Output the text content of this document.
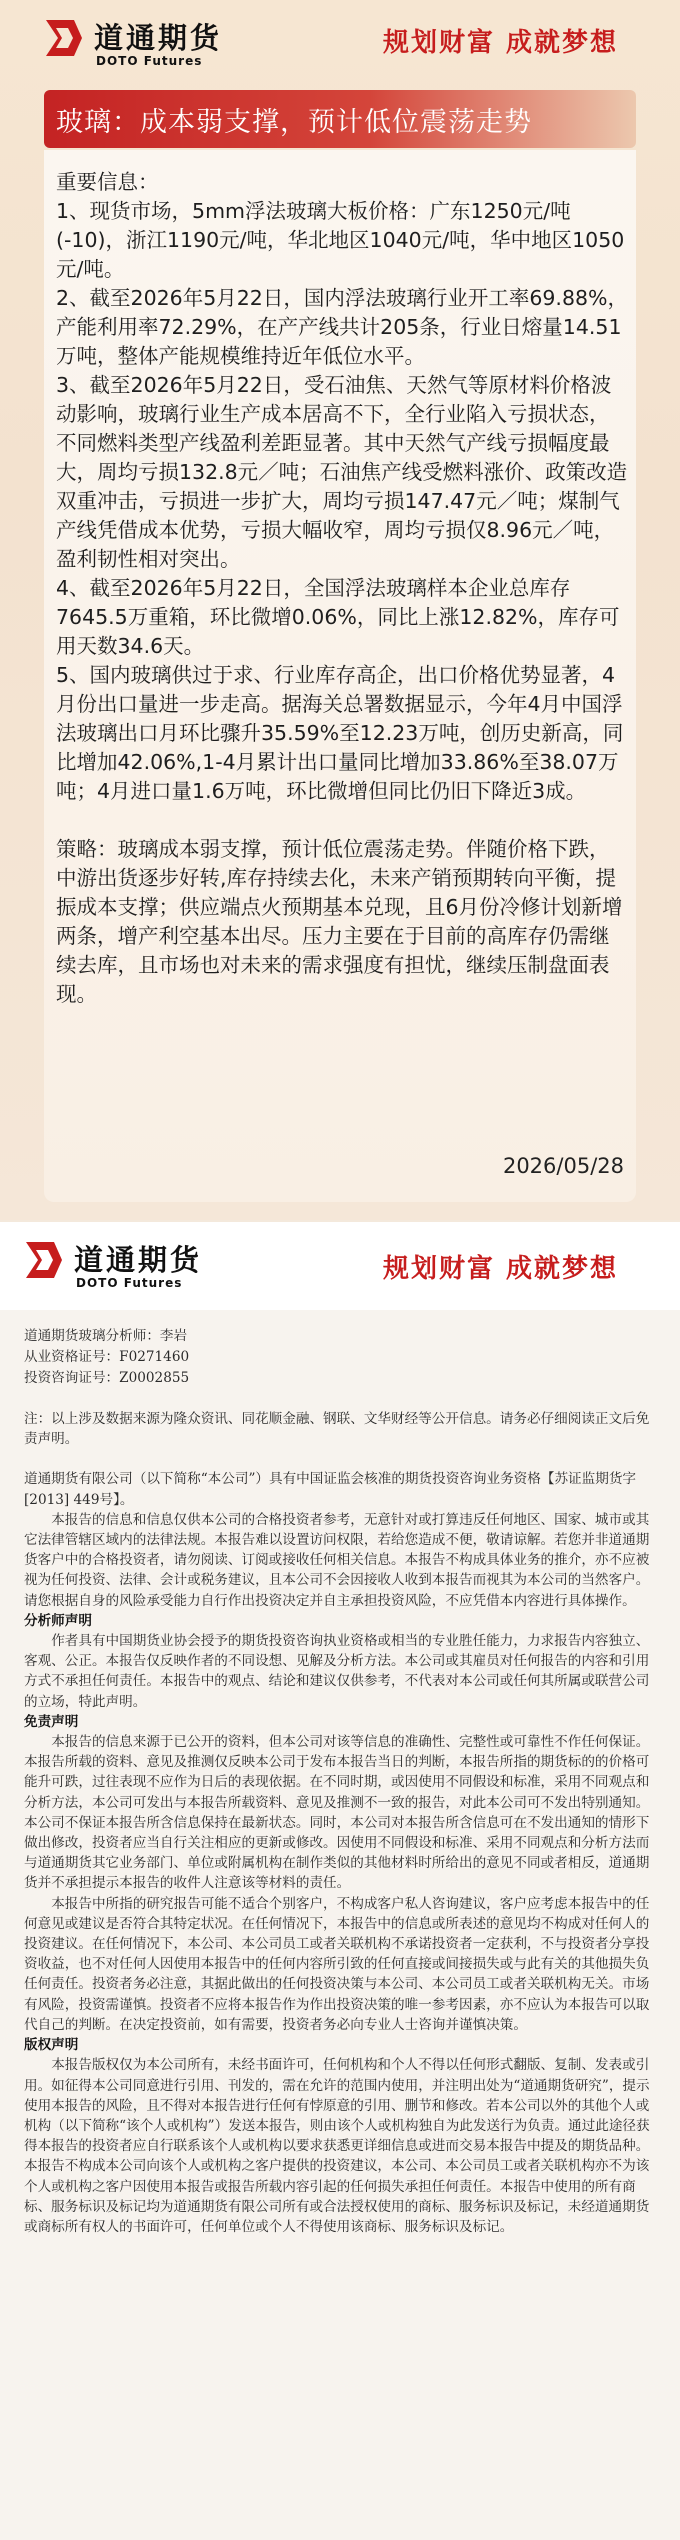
道通期货
DOTO Futures
规划财富 成就梦想
玻璃：成本弱支撑，预计低位震荡走势

重要信息：

1、现货市场，5mm浮法玻璃大板价格：广东1250元/吨(-10)，浙江1190元/吨，华北地区1040元/吨，华中地区1050元/吨。

2、截至2026年5月22日，国内浮法玻璃行业开工率69.88%，产能利用率72.29%，在产产线共计205条，行业日熔量14.51万吨，整体产能规模维持近年低位水平。

3、截至2026年5月22日，受石油焦、天然气等原材料价格波动影响，玻璃行业生产成本居高不下，全行业陷入亏损状态，不同燃料类型产线盈利差距显著。其中天然气产线亏损幅度最大，周均亏损132.8元／吨；石油焦产线受燃料涨价、政策改造双重冲击，亏损进一步扩大，周均亏损147.47元／吨；煤制气产线凭借成本优势，亏损大幅收窄，周均亏损仅8.96元／吨，盈利韧性相对突出。

4、截至2026年5月22日，全国浮法玻璃样本企业总库存7645.5万重箱，环比微增0.06%，同比上涨12.82%，库存可用天数34.6天。

5、国内玻璃供过于求、行业库存高企，出口价格优势显著，4月份出口量进一步走高。据海关总署数据显示，今年4月中国浮法玻璃出口月环比骤升35.59%至12.23万吨，创历史新高，同比增加42.06%,1-4月累计出口量同比增加33.86%至38.07万吨；4月进口量1.6万吨，环比微增但同比仍旧下降近3成。

策略：玻璃成本弱支撑，预计低位震荡走势。伴随价格下跌，中游出货逐步好转,库存持续去化，未来产销预期转向平衡，提振成本支撑；供应端点火预期基本兑现，且6月份冷修计划新增两条，增产利空基本出尽。压力主要在于目前的高库存仍需继续去库，且市场也对未来的需求强度有担忧，继续压制盘面表现。

2026/05/28
道通期货
DOTO Futures	规划财富 成就梦想

道通期货玻璃分析师：李岩

从业资格证号：F0271460

投资咨询证号：Z0002855

注：以上涉及数据来源为隆众资讯、同花顺金融、钢联、文华财经等公开信息。请务必仔细阅读正文后免责声明。

道通期货有限公司（以下简称“本公司”）具有中国证监会核准的期货投资咨询业务资格【苏证监期货字[2013] 449号】。

本报告的信息和信息仅供本公司的合格投资者参考，无意针对或打算违反任何地区、国家、城市或其它法律管辖区域内的法律法规。本报告难以设置访问权限，若给您造成不便，敬请谅解。若您并非道通期货客户中的合格投资者，请勿阅读、订阅或接收任何相关信息。本报告不构成具体业务的推介，亦不应被视为任何投资、法律、会计或税务建议，且本公司不会因接收人收到本报告而视其为本公司的当然客户。请您根据自身的风险承受能力自行作出投资决定并自主承担投资风险，不应凭借本内容进行具体操作。

分析师声明

作者具有中国期货业协会授予的期货投资咨询执业资格或相当的专业胜任能力，力求报告内容独立、客观、公正。本报告仅反映作者的不同设想、见解及分析方法。本公司或其雇员对任何报告的内容和引用方式不承担任何责任。本报告中的观点、结论和建议仅供参考，不代表对本公司或任何其所属或联营公司的立场，特此声明。

免责声明

本报告的信息来源于已公开的资料，但本公司对该等信息的准确性、完整性或可靠性不作任何保证。本报告所载的资料、意见及推测仅反映本公司于发布本报告当日的判断，本报告所指的期货标的的价格可能升可跌，过往表现不应作为日后的表现依据。在不同时期，或因使用不同假设和标准，采用不同观点和分析方法，本公司可发出与本报告所载资料、意见及推测不一致的报告，对此本公司可不发出特别通知。本公司不保证本报告所含信息保持在最新状态。同时，本公司对本报告所含信息可在不发出通知的情形下做出修改，投资者应当自行关注相应的更新或修改。因使用不同假设和标准、采用不同观点和分析方法而与道通期货其它业务部门、单位或附属机构在制作类似的其他材料时所给出的意见不同或者相反，道通期货并不承担提示本报告的收件人注意该等材料的责任。

本报告中所指的研究报告可能不适合个别客户，不构成客户私人咨询建议，客户应考虑本报告中的任何意见或建议是否符合其特定状况。在任何情况下，本报告中的信息或所表述的意见均不构成对任何人的投资建议。在任何情况下，本公司、本公司员工或者关联机构不承诺投资者一定获利，不与投资者分享投资收益，也不对任何人因使用本报告中的任何内容所引致的任何直接或间接损失或与此有关的其他损失负任何责任。投资者务必注意，其据此做出的任何投资决策与本公司、本公司员工或者关联机构无关。市场有风险，投资需谨慎。投资者不应将本报告作为作出投资决策的唯一参考因素，亦不应认为本报告可以取代自己的判断。在决定投资前，如有需要，投资者务必向专业人士咨询并谨慎决策。

版权声明

本报告版权仅为本公司所有，未经书面许可，任何机构和个人不得以任何形式翻版、复制、发表或引用。如征得本公司同意进行引用、刊发的，需在允许的范围内使用，并注明出处为“道通期货研究”，提示使用本报告的风险，且不得对本报告进行任何有悖原意的引用、删节和修改。若本公司以外的其他个人或机构（以下简称“该个人或机构”）发送本报告，则由该个人或机构独自为此发送行为负责。通过此途径获得本报告的投资者应自行联系该个人或机构以要求获悉更详细信息或进而交易本报告中提及的期货品种。本报告不构成本公司向该个人或机构之客户提供的投资建议，本公司、本公司员工或者关联机构亦不为该个人或机构之客户因使用本报告或报告所载内容引起的任何损失承担任何责任。本报告中使用的所有商标、服务标识及标记均为道通期货有限公司所有或合法授权使用的商标、服务标识及标记，未经道通期货或商标所有权人的书面许可，任何单位或个人不得使用该商标、服务标识及标记。
